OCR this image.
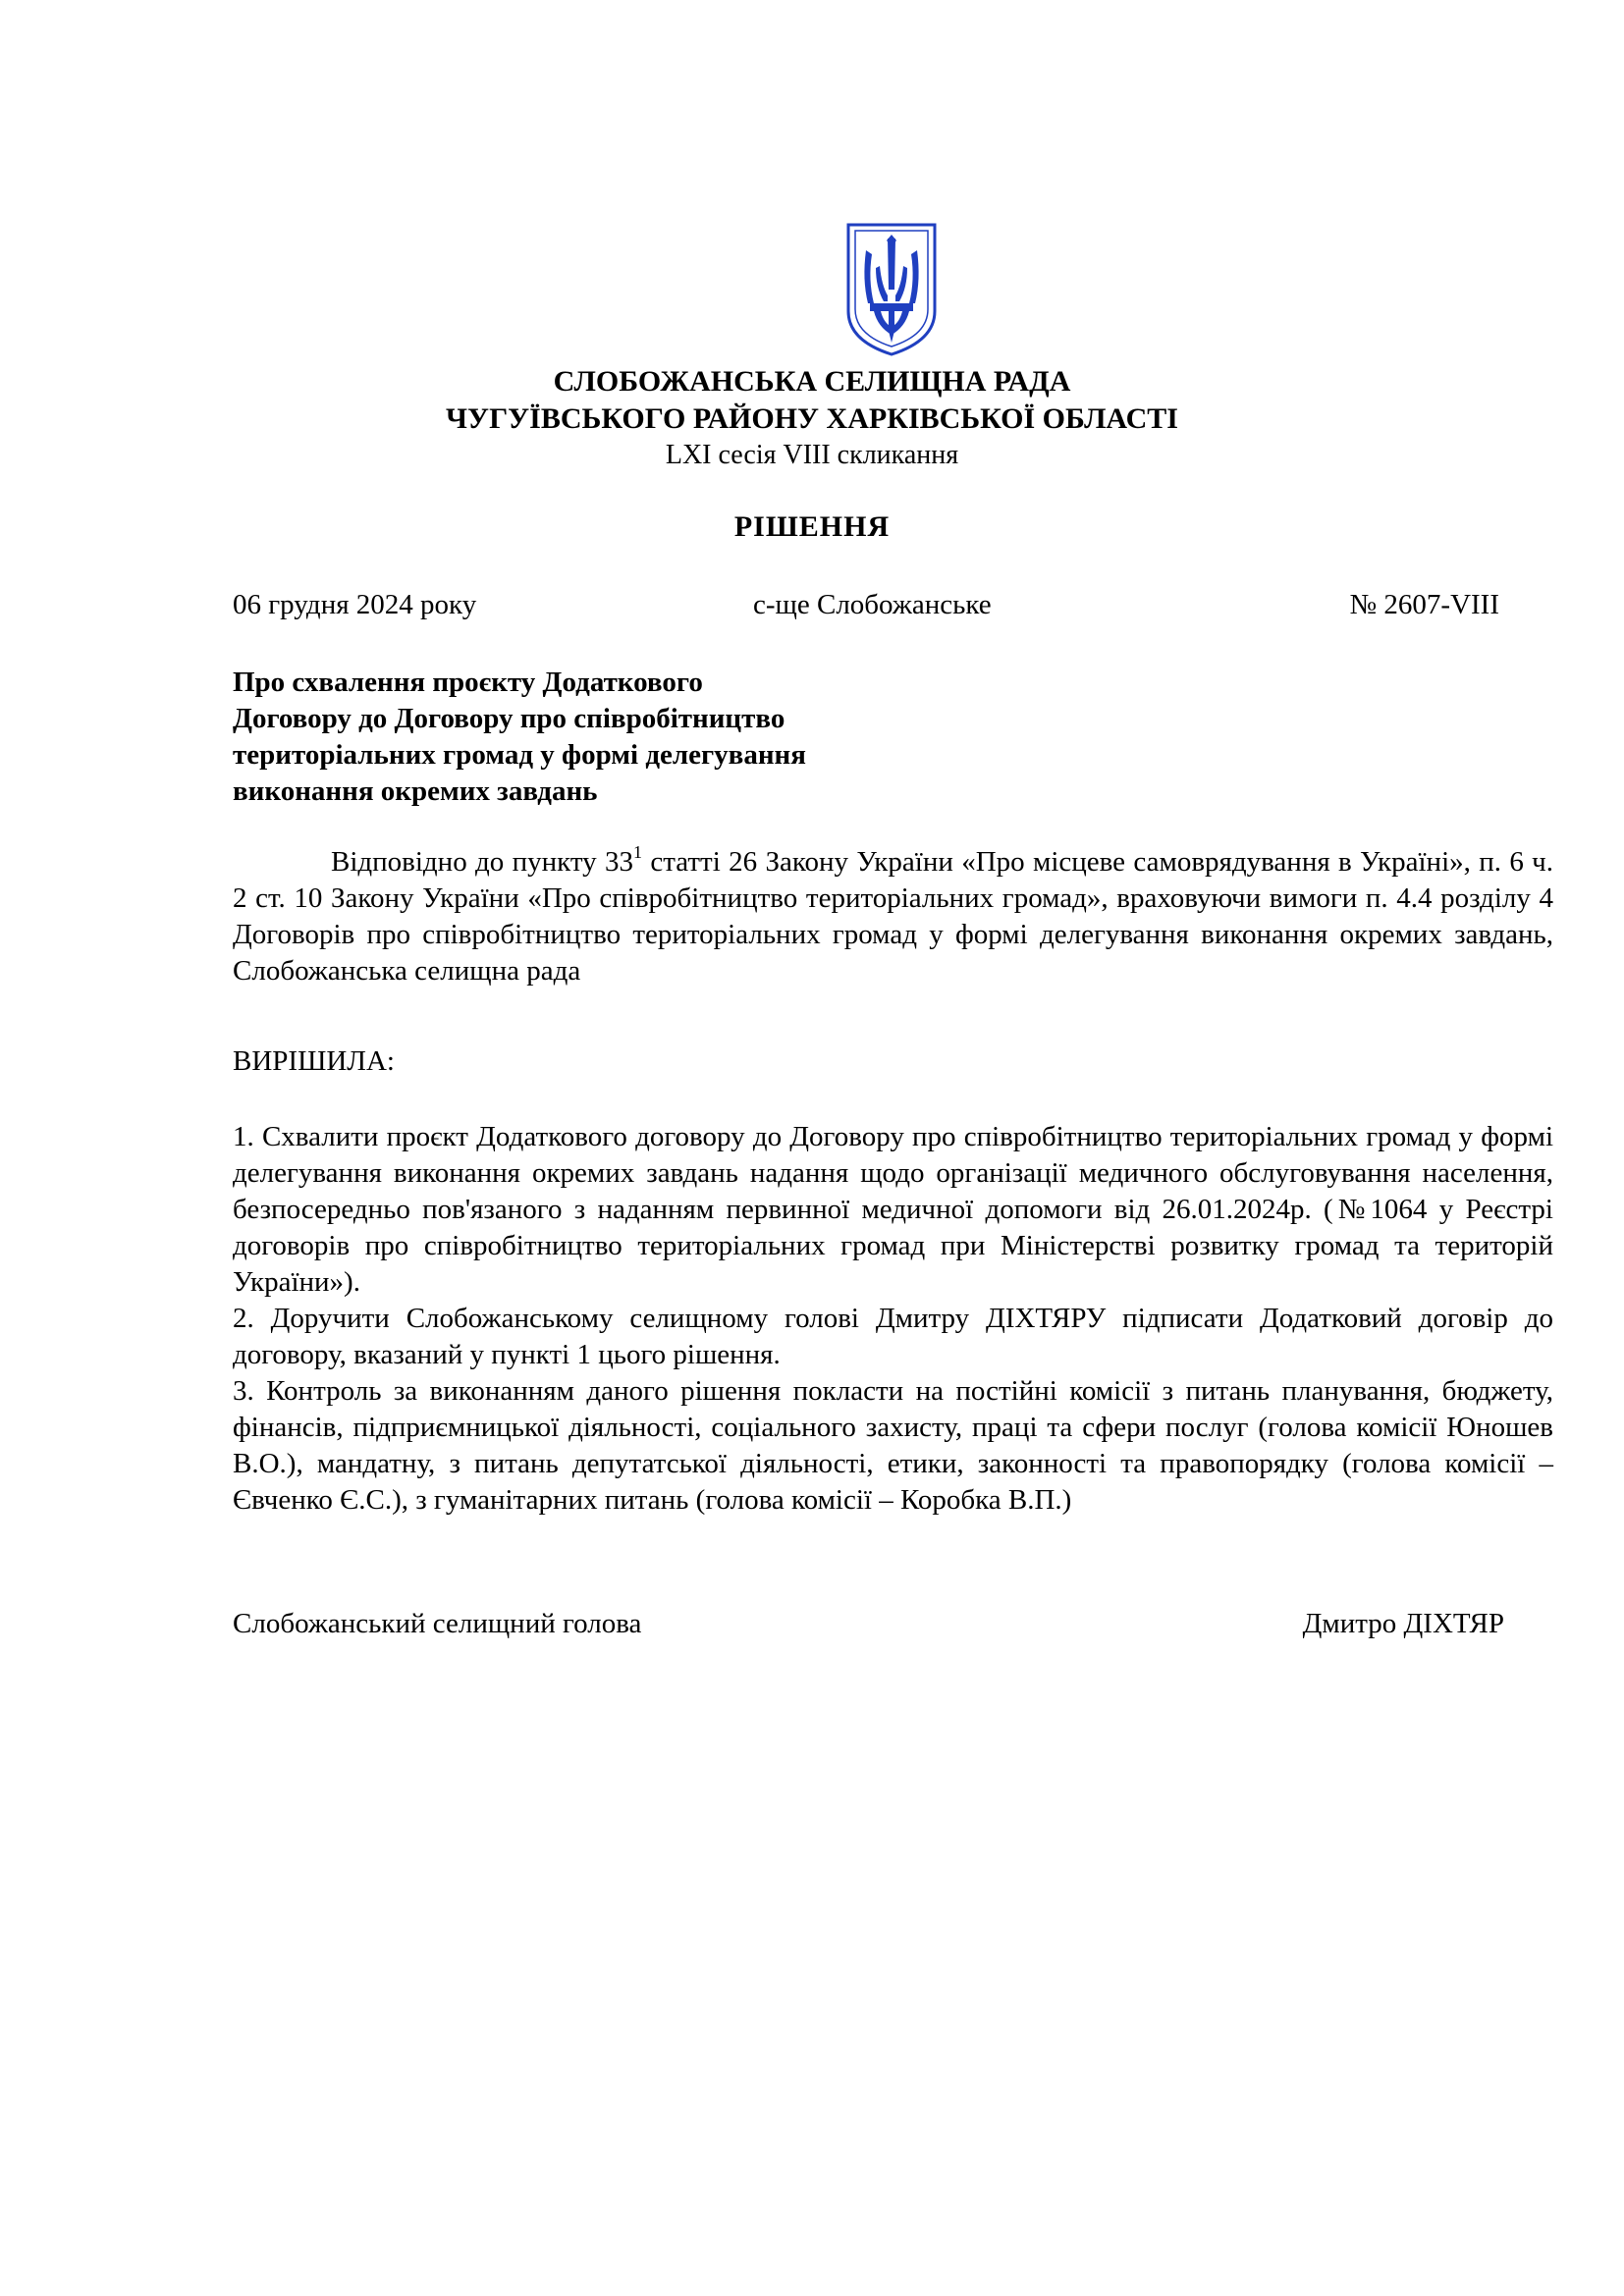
СЛОБОЖАНСЬКА СЕЛИЩНА РАДА
ЧУГУЇВСЬКОГО РАЙОНУ ХАРКІВСЬКОЇ ОБЛАСТІ
LXI сесія VIII скликання
РІШЕННЯ
06 грудня 2024 року	с-ще Слобожанське	№ 2607-VIII
Про схвалення проєкту Додаткового
Договору до Договору про співробітництво
територіальних громад у формі делегування
виконання окремих завдань
Відповідно до пункту $33^1$ статті 26 Закону України «Про місцеве самоврядування в Україні», п. 6 ч. 2 ст. 10 Закону України «Про співробітництво територіальних громад», враховуючи вимоги п. 4.4 розділу 4 Договорів про співробітництво територіальних громад у формі делегування виконання окремих завдань, Слобожанська селищна рада
ВИРІШИЛА:

1. Схвалити проєкт Додаткового договору до Договору про співробітництво територіальних громад у формі делегування виконання окремих завдань надання щодо організації медичного обслуговування населення, безпосередньо пов'язаного з наданням первинної медичної допомоги від 26.01.2024р. (№1064 у Реєстрі договорів про співробітництво територіальних громад при Міністерстві розвитку громад та територій України»).

2. Доручити Слобожанському селищному голові Дмитру ДІХТЯРУ підписати Додатковий договір до договору, вказаний у пункті 1 цього рішення.

3. Контроль за виконанням даного рішення покласти на постійні комісії з питань планування, бюджету, фінансів, підприємницької діяльності, соціального захисту, праці та сфери послуг (голова комісії Юношев В.О.), мандатну, з питань депутатської діяльності, етики, законності та правопорядку (голова комісії – Євченко Є.С.), з гуманітарних питань (голова комісії – Коробка В.П.)

Слобожанський селищний голова	Дмитро ДІХТЯР
